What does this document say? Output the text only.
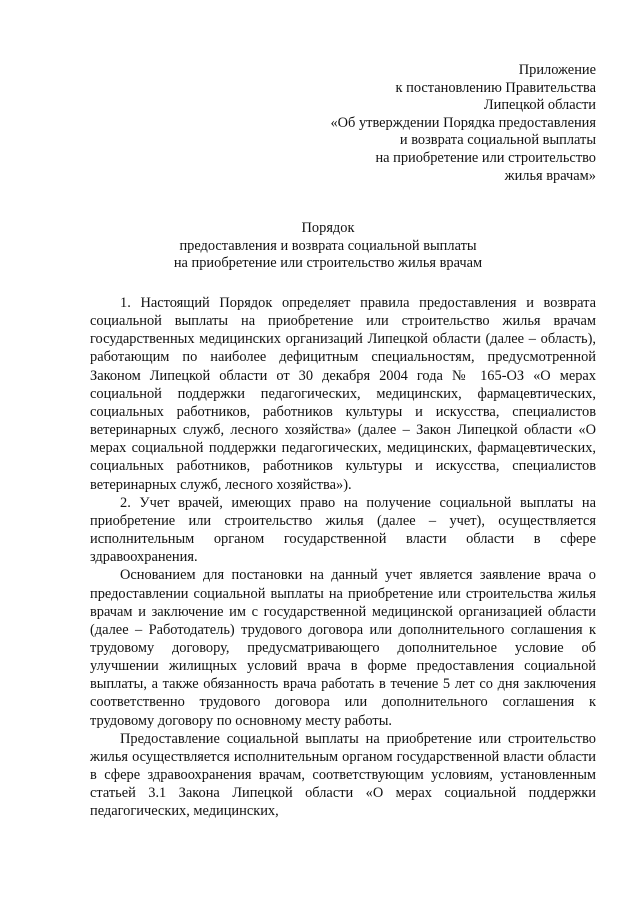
Приложение
к постановлению Правительства
Липецкой области
«Об утверждении Порядка предоставления
и возврата социальной выплаты
на приобретение или строительство
жилья врачам»
Порядок
предоставления и возврата социальной выплаты
на приобретение или строительство жилья врачам

1. Настоящий Порядок определяет правила предоставления и возврата социальной выплаты на приобретение или строительство жилья врачам государственных медицинских организаций Липецкой области (далее – область), работающим по наиболее дефицитным специальностям, предусмотренной Законом Липецкой области от 30 декабря 2004 года № 165-ОЗ «О мерах социальной поддержки педагогических, медицинских, фармацевтических, социальных работников, работников культуры и искусства, специалистов ветеринарных служб, лесного хозяйства» (далее – Закон Липецкой области «О мерах социальной поддержки педагогических, медицинских, фармацевтических, социальных работников, работников культуры и искусства, специалистов ветеринарных служб, лесного хозяйства»).

2. Учет врачей, имеющих право на получение социальной выплаты на приобретение или строительство жилья (далее – учет), осуществляется исполнительным органом государственной власти области в сфере здравоохранения.

Основанием для постановки на данный учет является заявление врача о предоставлении социальной выплаты на приобретение или строительства жилья врачам и заключение им с государственной медицинской организацией области (далее – Работодатель) трудового договора или дополнительного соглашения к трудовому договору, предусматривающего дополнительное условие об улучшении жилищных условий врача в форме предоставления социальной выплаты, а также обязанность врача работать в течение 5 лет со дня заключения соответственно трудового договора или дополнительного соглашения к трудовому договору по основному месту работы.

Предоставление социальной выплаты на приобретение или строительство жилья осуществляется исполнительным органом государственной власти области в сфере здравоохранения врачам, соответствующим условиям, установленным статьей 3.1 Закона Липецкой области «О мерах социальной поддержки педагогических, медицинских,
